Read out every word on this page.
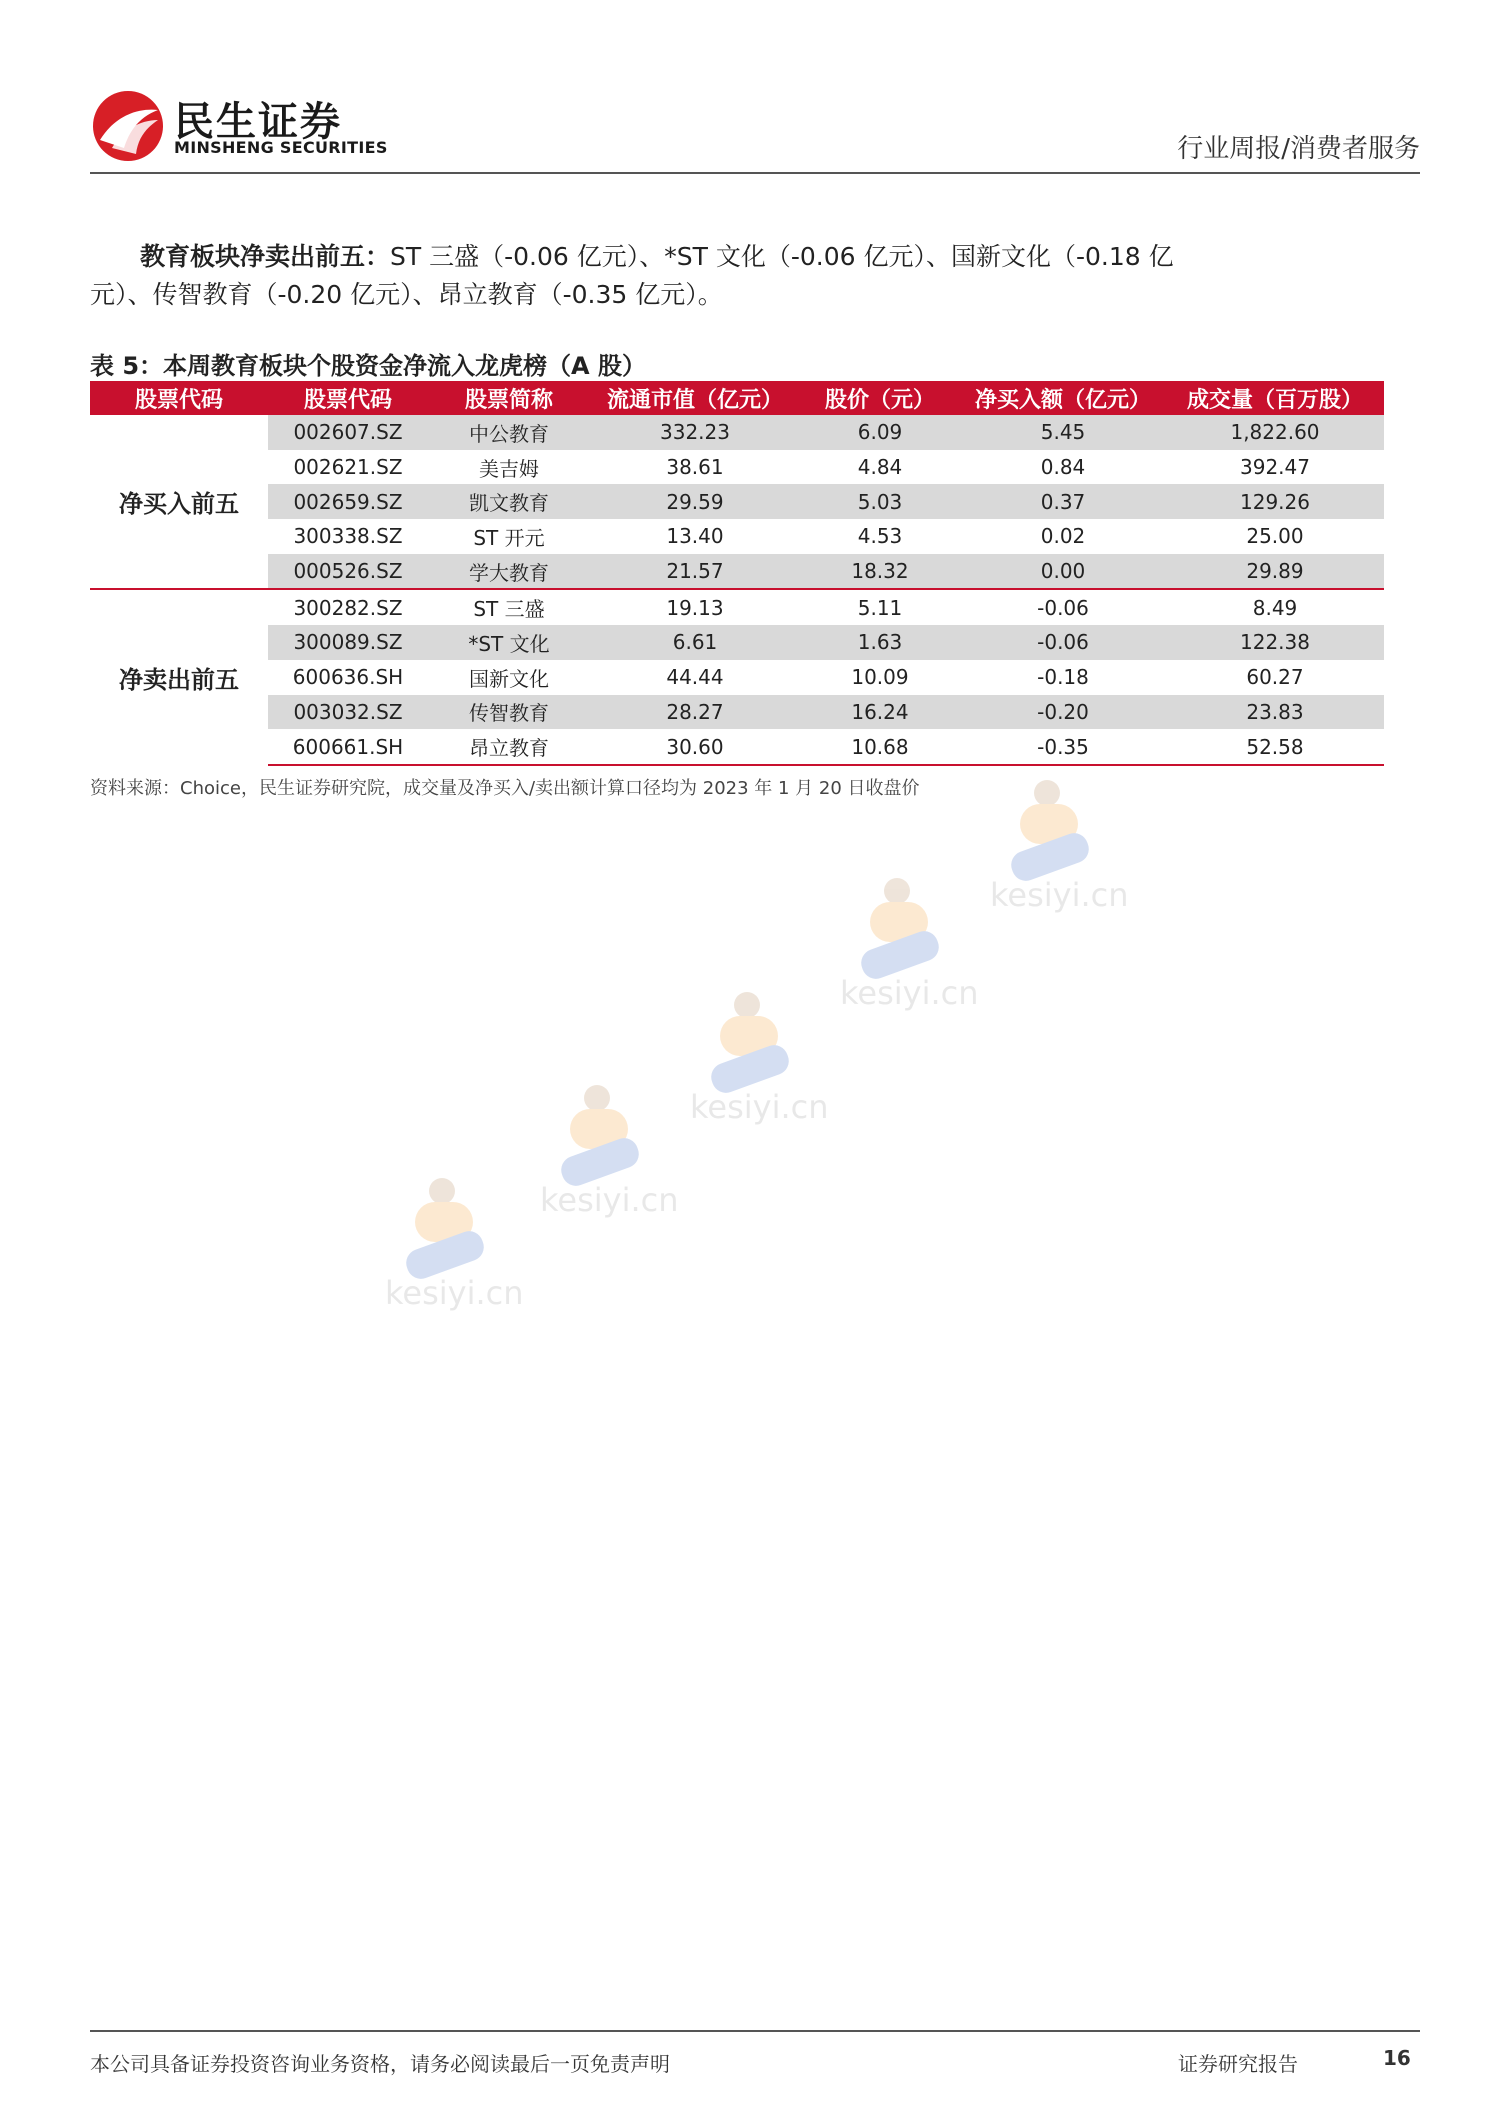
民生证券
MINSHENG SECURITIES	行业周报/消费者服务
教育板块净卖出前五：ST 三盛（-0.06 亿元）、*ST 文化（-0.06 亿元）、国新文化（-0.18 亿元）、传智教育（-0.20 亿元）、昂立教育（-0.35 亿元）。
表 5：本周教育板块个股资金净流入龙虎榜（A 股）
股票代码	股票代码	股票简称	流通市值（亿元）	股价（元）	净买入额（亿元）	成交量（百万股）
净买入前五	002607.SZ	中公教育	332.23	6.09	5.45	1,822.60
	002621.SZ	美吉姆	38.61	4.84	0.84	392.47
	002659.SZ	凯文教育	29.59	5.03	0.37	129.26
	300338.SZ	ST 开元	13.40	4.53	0.02	25.00
	000526.SZ	学大教育	21.57	18.32	0.00	29.89
净卖出前五	300282.SZ	ST 三盛	19.13	5.11	-0.06	8.49
	300089.SZ	*ST 文化	6.61	1.63	-0.06	122.38
	600636.SH	国新文化	44.44	10.09	-0.18	60.27
	003032.SZ	传智教育	28.27	16.24	-0.20	23.83
	600661.SH	昂立教育	30.60	10.68	-0.35	52.58
资料来源：Choice，民生证券研究院，成交量及净买入/卖出额计算口径均为 2023 年 1 月 20 日收盘价
kesiyi.cn
kesiyi.cn
kesiyi.cn
kesiyi.cn
kesiyi.cn
本公司具备证券投资咨询业务资格，请务必阅读最后一页免责声明	证券研究报告	16
